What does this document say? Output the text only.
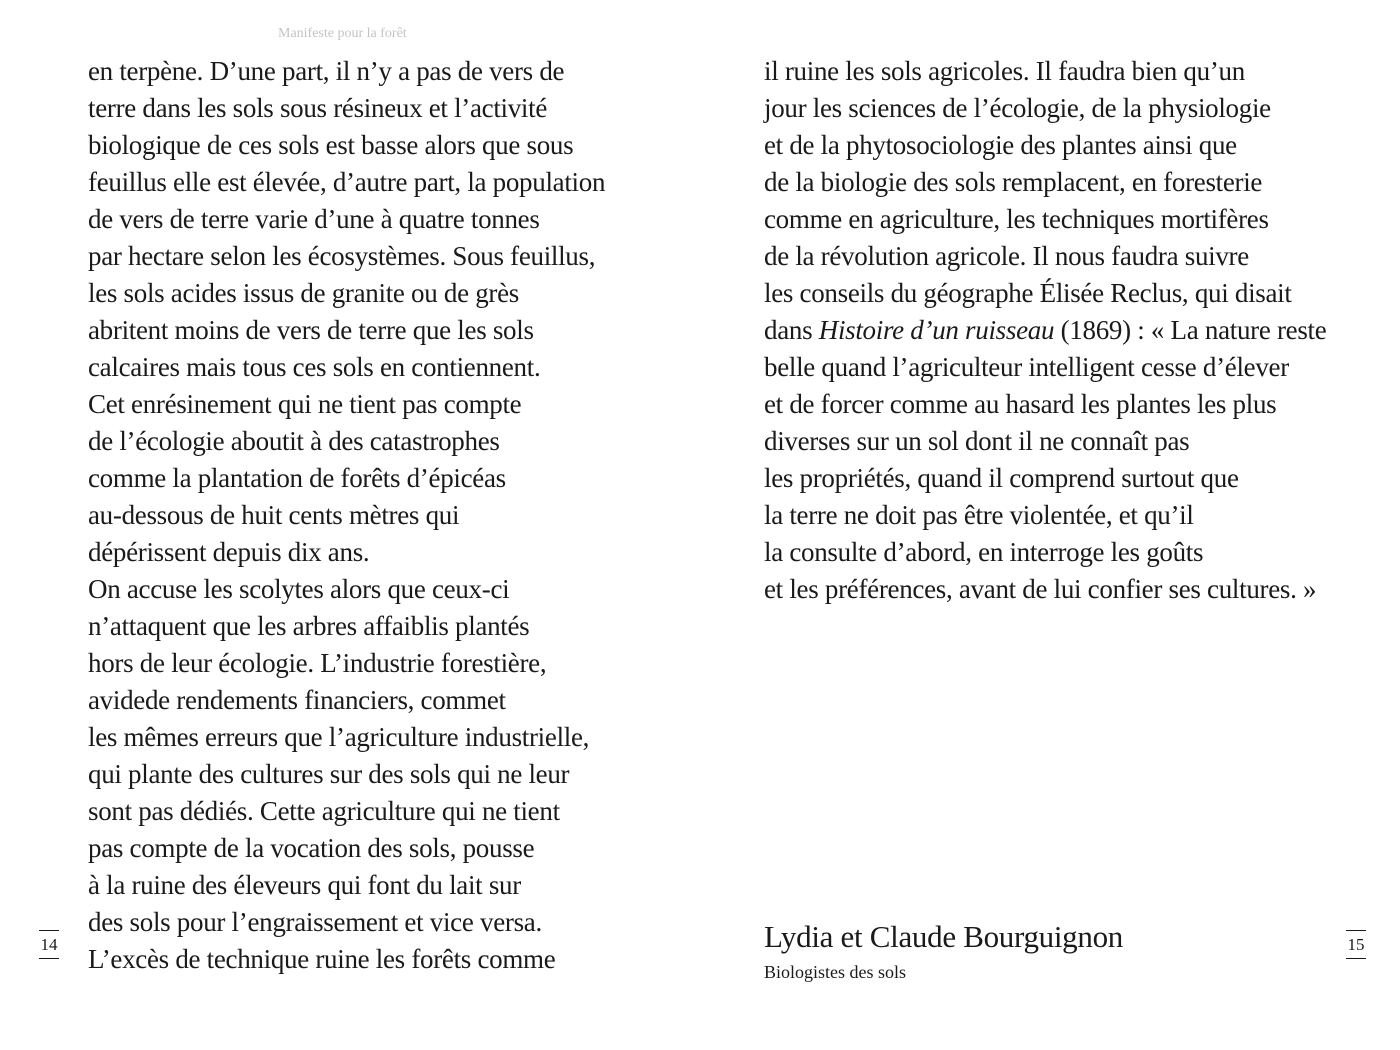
Manifeste pour la forêt
en terpène. D’une part, il n’y a pas de vers de
terre dans les sols sous résineux et l’activité
biologique de ces sols est basse alors que sous
feuillus elle est élevée, d’autre part, la population
de vers de terre varie d’une à quatre tonnes
par hectare selon les écosystèmes. Sous feuillus,
les sols acides issus de granite ou de grès
abritent moins de vers de terre que les sols
calcaires mais tous ces sols en contiennent.
Cet enrésinement qui ne tient pas compte
de l’écologie aboutit à des catastrophes
comme la plantation de forêts d’épicéas
au-dessous de huit cents mètres qui
dépérissent depuis dix ans.
On accuse les scolytes alors que ceux-ci
n’attaquent que les arbres affaiblis plantés
hors de leur écologie. L’industrie forestière,
avidede rendements financiers, commet
les mêmes erreurs que l’agriculture industrielle,
qui plante des cultures sur des sols qui ne leur
sont pas dédiés. Cette agriculture qui ne tient
pas compte de la vocation des sols, pousse
à la ruine des éleveurs qui font du lait sur
des sols pour l’engraissement et vice versa.
L’excès de technique ruine les forêts comme
il ruine les sols agricoles. Il faudra bien qu’un
jour les sciences de l’écologie, de la physiologie
et de la phytosociologie des plantes ainsi que
de la biologie des sols remplacent, en foresterie
comme en agriculture, les techniques mortifères
de la révolution agricole. Il nous faudra suivre
les conseils du géographe Élisée Reclus, qui disait
dans Histoire d’un ruisseau (1869) : « La nature reste
belle quand l’agriculteur intelligent cesse d’élever
et de forcer comme au hasard les plantes les plus
diverses sur un sol dont il ne connaît pas
les propriétés, quand il comprend surtout que
la terre ne doit pas être violentée, et qu’il
la consulte d’abord, en interroge les goûts
et les préférences, avant de lui confier ses cultures. »
14	15
Lydia et Claude Bourguignon
Biologistes des sols
